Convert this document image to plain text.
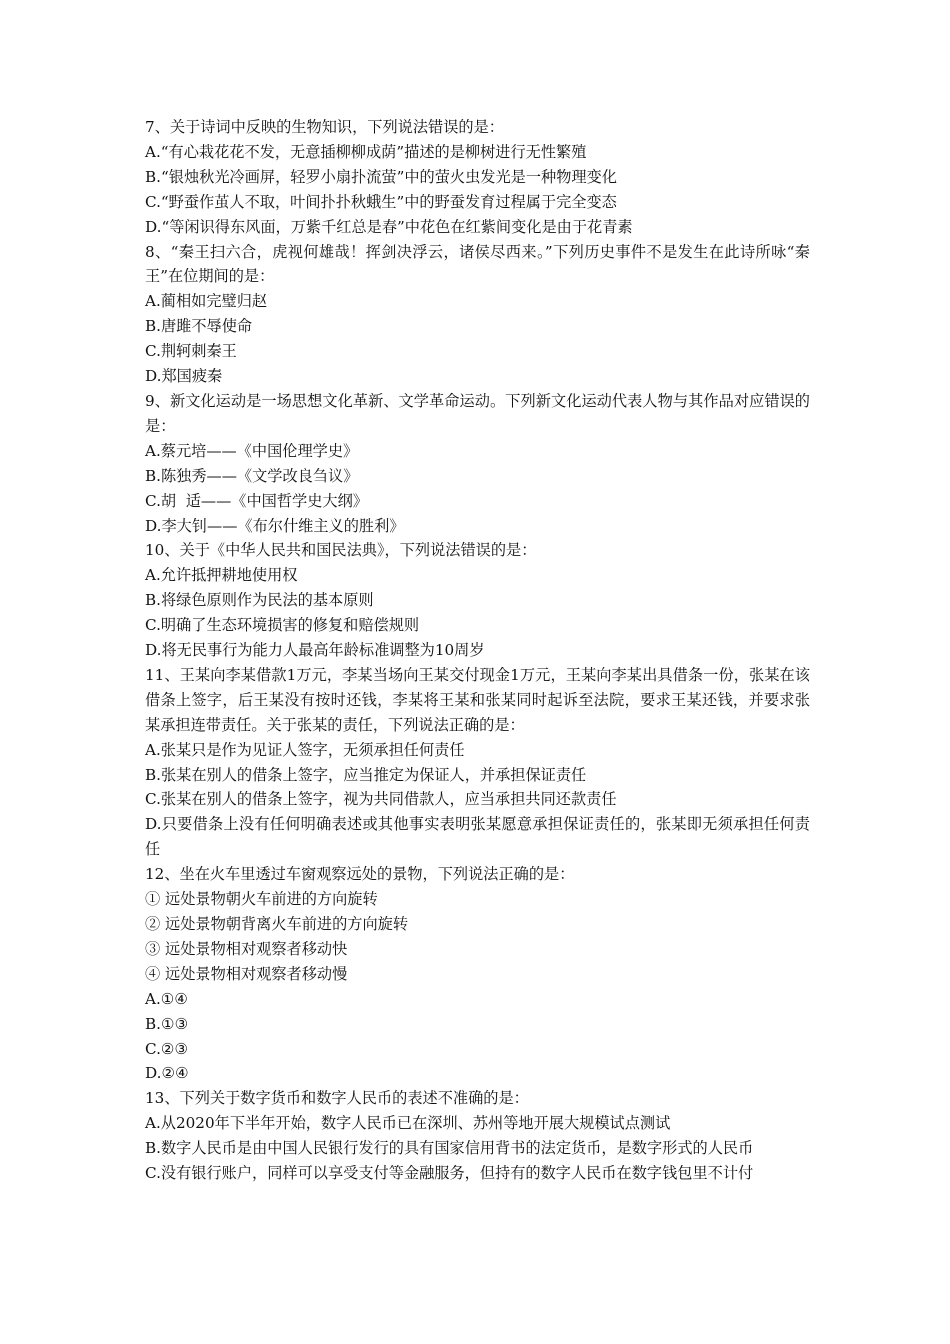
7、关于诗词中反映的生物知识，下列说法错误的是：

A.“有心栽花花不发，无意插柳柳成荫”描述的是柳树进行无性繁殖

B.“银烛秋光冷画屏，轻罗小扇扑流萤”中的萤火虫发光是一种物理变化

C.“野蚕作茧人不取，叶间扑扑秋蛾生”中的野蚕发育过程属于完全变态

D.“等闲识得东风面，万紫千红总是春”中花色在红紫间变化是由于花青素

8、“秦王扫六合，虎视何雄哉！挥剑决浮云，诸侯尽西来。”下列历史事件不是发生在此诗所咏“秦王”在位期间的是：

A.蔺相如完璧归赵

B.唐雎不辱使命

C.荆轲刺秦王

D.郑国疲秦

9、新文化运动是一场思想文化革新、文学革命运动。下列新文化运动代表人物与其作品对应错误的是：

A.蔡元培——《中国伦理学史》

B.陈独秀——《文学改良刍议》

C.胡  适——《中国哲学史大纲》

D.李大钊——《布尔什维主义的胜利》

10、关于《中华人民共和国民法典》，下列说法错误的是：

A.允许抵押耕地使用权

B.将绿色原则作为民法的基本原则

C.明确了生态环境损害的修复和赔偿规则

D.将无民事行为能力人最高年龄标准调整为10周岁

11、王某向李某借款1万元，李某当场向王某交付现金1万元，王某向李某出具借条一份，张某在该借条上签字，后王某没有按时还钱，李某将王某和张某同时起诉至法院，要求王某还钱，并要求张某承担连带责任。关于张某的责任，下列说法正确的是：

A.张某只是作为见证人签字，无须承担任何责任

B.张某在别人的借条上签字，应当推定为保证人，并承担保证责任

C.张某在别人的借条上签字，视为共同借款人，应当承担共同还款责任

D.只要借条上没有任何明确表述或其他事实表明张某愿意承担保证责任的，张某即无须承担任何责任

12、坐在火车里透过车窗观察远处的景物，下列说法正确的是：

① 远处景物朝火车前进的方向旋转

② 远处景物朝背离火车前进的方向旋转

③ 远处景物相对观察者移动快

④ 远处景物相对观察者移动慢

A.①④

B.①③

C.②③

D.②④

13、下列关于数字货币和数字人民币的表述不准确的是：

A.从2020年下半年开始，数字人民币已在深圳、苏州等地开展大规模试点测试

B.数字人民币是由中国人民银行发行的具有国家信用背书的法定货币，是数字形式的人民币

C.没有银行账户，同样可以享受支付等金融服务，但持有的数字人民币在数字钱包里不计付
